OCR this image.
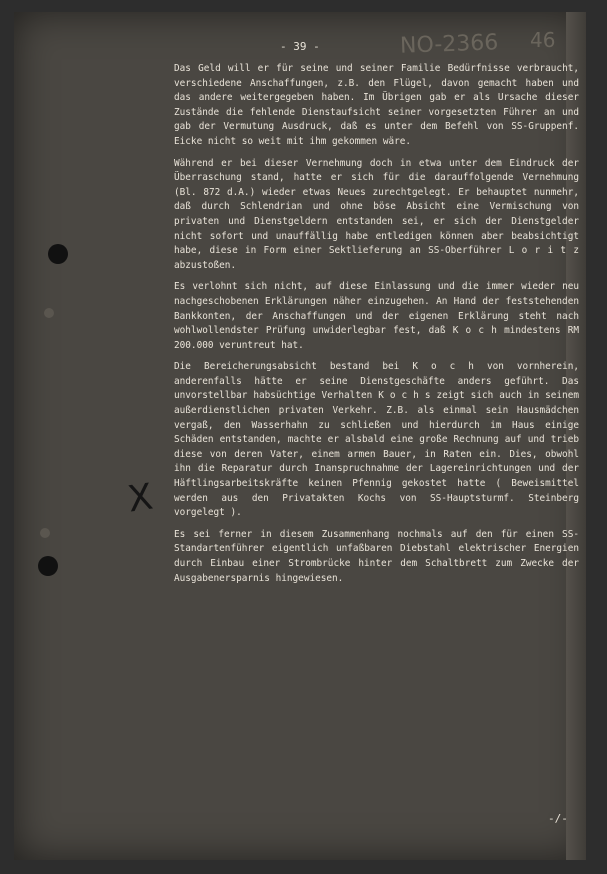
- 39 -	NO-2366 46
X

Das Geld will er für seine und seiner Familie Bedürfnisse verbraucht, verschiedene Anschaffungen, z.B. den Flügel, davon gemacht haben und das andere weitergegeben haben. Im Übrigen gab er als Ursache dieser Zustände die fehlende Dienstaufsicht seiner vorgesetzten Führer an und gab der Vermutung Ausdruck, daß es unter dem Befehl von SS-Gruppenf. Eicke nicht so weit mit ihm gekommen wäre.

Während er bei dieser Vernehmung doch in etwa unter dem Eindruck der Überraschung stand, hatte er sich für die darauffolgende Vernehmung (Bl. 872 d.A.) wieder etwas Neues zurechtgelegt. Er behauptet nunmehr, daß durch Schlendrian und ohne böse Absicht eine Vermischung von privaten und Dienstgeldern entstanden sei, er sich der Dienstgelder nicht sofort und unauffällig habe entledigen können aber beabsichtigt habe, diese in Form einer Sektlieferung an SS-Oberführer L o r i t z abzustoßen.

Es verlohnt sich nicht, auf diese Einlassung und die immer wieder neu nachgeschobenen Erklärungen näher einzugehen. An Hand der feststehenden Bankkonten, der Anschaffungen und der eigenen Erklärung steht nach wohlwollendster Prüfung unwiderlegbar fest, daß K o c h mindestens RM 200.000 veruntreut hat.

Die Bereicherungsabsicht bestand bei K o c h von vornherein, anderenfalls hätte er seine Dienstgeschäfte anders geführt. Das unvorstellbar habsüchtige Verhalten K o c h s zeigt sich auch in seinem außerdienstlichen privaten Verkehr. Z.B. als einmal sein Hausmädchen vergaß, den Wasserhahn zu schließen und hierdurch im Haus einige Schäden entstanden, machte er alsbald eine große Rechnung auf und trieb diese von deren Vater, einem armen Bauer, in Raten ein. Dies, obwohl ihn die Reparatur durch Inanspruchnahme der Lagereinrichtungen und der Häftlingsarbeitskräfte keinen Pfennig gekostet hatte ( Beweismittel werden aus den Privatakten Kochs von SS-Hauptsturmf. Steinberg vorgelegt ).

Es sei ferner in diesem Zusammenhang nochmals auf den für einen SS-Standartenführer eigentlich unfaßbaren Diebstahl elektrischer Energien durch Einbau einer Strombrücke hinter dem Schaltbrett zum Zwecke der Ausgabenersparnis hingewiesen.

-/-
